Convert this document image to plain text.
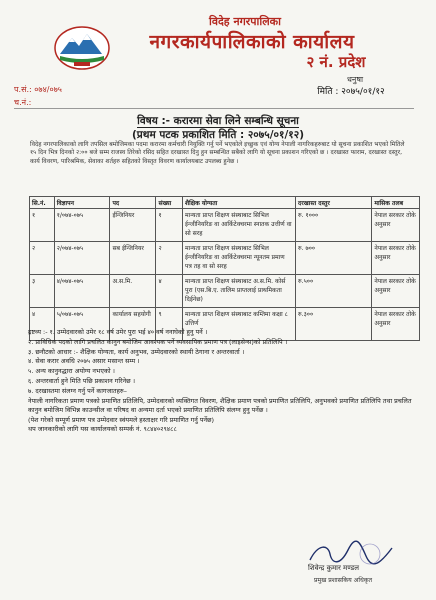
विदेह नगरपालिका
नगरकार्यपालिकाको कार्यालय
२ नं. प्रदेश
धनुषा
मिति : २०७५/०१/१२
प.सं.: ०७४/०७५
च.नं.:
विषय :- करारमा सेवा लिने सम्बन्धि सूचना
(प्रथम पटक प्रकाशित मिति : २०७५/०१/१२)
विदेह नगरपालिकाको लागि तपसिल बमोजिमका पदमा करारमा कर्मचारी नियुक्ति गर्नु पर्ने भएकोले इच्छुक एवं योग्य नेपाली नागरिकहरुबाट यो सूचना प्रकाशित भएको मितिले १५ दिन भित्र दिनको २:०० बजे सम्म राजस्व तिरेको रसिद सहित दरखास्त दिनु हुन सम्बन्धित सबैको लागि यो सूचना प्रकाशन गरिएको छ । दरखास्त फाराम, दरखास्त दस्तुर, कार्य विवरण, पारिश्रमिक, सेवाका शर्तहरु सहितको विस्तृत विवरण कार्यालयबाट उपलब्ध हुनेछ ।
सि.नं.	विज्ञापन	पद	संख्या	शैक्षिक योग्यता	दरखास्त दस्तुर	मासिक तलब
१	१/०७४-०७५	ईन्जिनियर	१	मान्यता प्राप्त शिक्षण संस्थाबाट सिभिल ईन्जीनियरिङ वा आर्किटेक्चरमा स्नातक उत्तीर्ण वा सो सरह	रु. १०००	नेपाल सरकार तोके अनुसार
२	२/०७४-०७५	सब ईन्जिनियर	२	मान्यता प्राप्त शिक्षण संस्थाबाट सिभिल ईन्जीनियरिङ वा आर्किटेक्चरमा न्यूनतम प्रमाण पत्र तह वा सो सरह	रु. ७००	नेपाल सरकार तोके अनुसार
३	४/०७४-०७५	अ.स.मि.	४	मान्यता प्राप्त शिक्षण संस्थाबाट अ.स.मि. कोर्स पुरा (एस.बि.ए. तालिम प्राप्तलाई प्राथमिकता दिईनेछ)	रु.५००	नेपाल सरकार तोके अनुसार
४	५/०७४-०७५	कार्यालय सहयोगी	९	मान्यता प्राप्त शिक्षण संस्थाबाट कम्तिमा कक्षा ८ उत्तिर्ण	रु.३००	नेपाल सरकार तोके अनुसार

द्रष्टव्य :- १. उम्मेदवारको उमेर १८ वर्ष उमेर पुरा भई ४० वर्ष ननाघेको हुनु पर्ने ।

२. प्राविधिक पदको लागि प्रचलित कानुन बमोजिम आवश्यक पर्ने व्यवसायिक प्रमाण पत्र (लाइसेन्स)को प्रतिलिपि ।

३. छनौटको आधार :- शैक्षिक योग्यता, कार्य अनुभव, उम्मेदवारको स्थायी ठेगाना र अन्तरवार्ता ।

४. सेवा करार अवधि २०७५ असार मसान्त सम्म ।

५. अन्य कानुनद्धारा अयोग्य नभएको ।

६. अन्तरवार्ता हुने मिति पछि प्रकाशन गरिनेछ ।

७. दरखास्तमा संलग्न गर्नु पर्ने कागजातहरु–

नेपाली नागरिकता प्रमाण पत्रको प्रमाणित प्रतिलिपि, उम्मेदवारको व्यक्तिगत विवरण, शैक्षिक प्रमाण पत्रको प्रमाणित प्रतिलिपि, अनुभवको प्रमाणित प्रतिलिपि तथा प्रचलित कानुन बमोजिम विभिन्न काउन्सील वा परिषद वा अन्यमा दर्ता भएको प्रमाणित प्रतिलिपि संलग्न हुनु पर्नेछ ।

(पेश गरेको सम्पूर्ण प्रमाण पत्र उम्मेदवार स्वंयमले हस्ताक्षर गरि प्रमाणित गर्नु पर्नेछ)

थप जानकारीको लागि यस कार्यालयको सम्पर्क नं. ९८४४०२९४८८

शिवेन्द्र कुमार मण्डल
प्रमुख प्रशासकिय अधिकृत
